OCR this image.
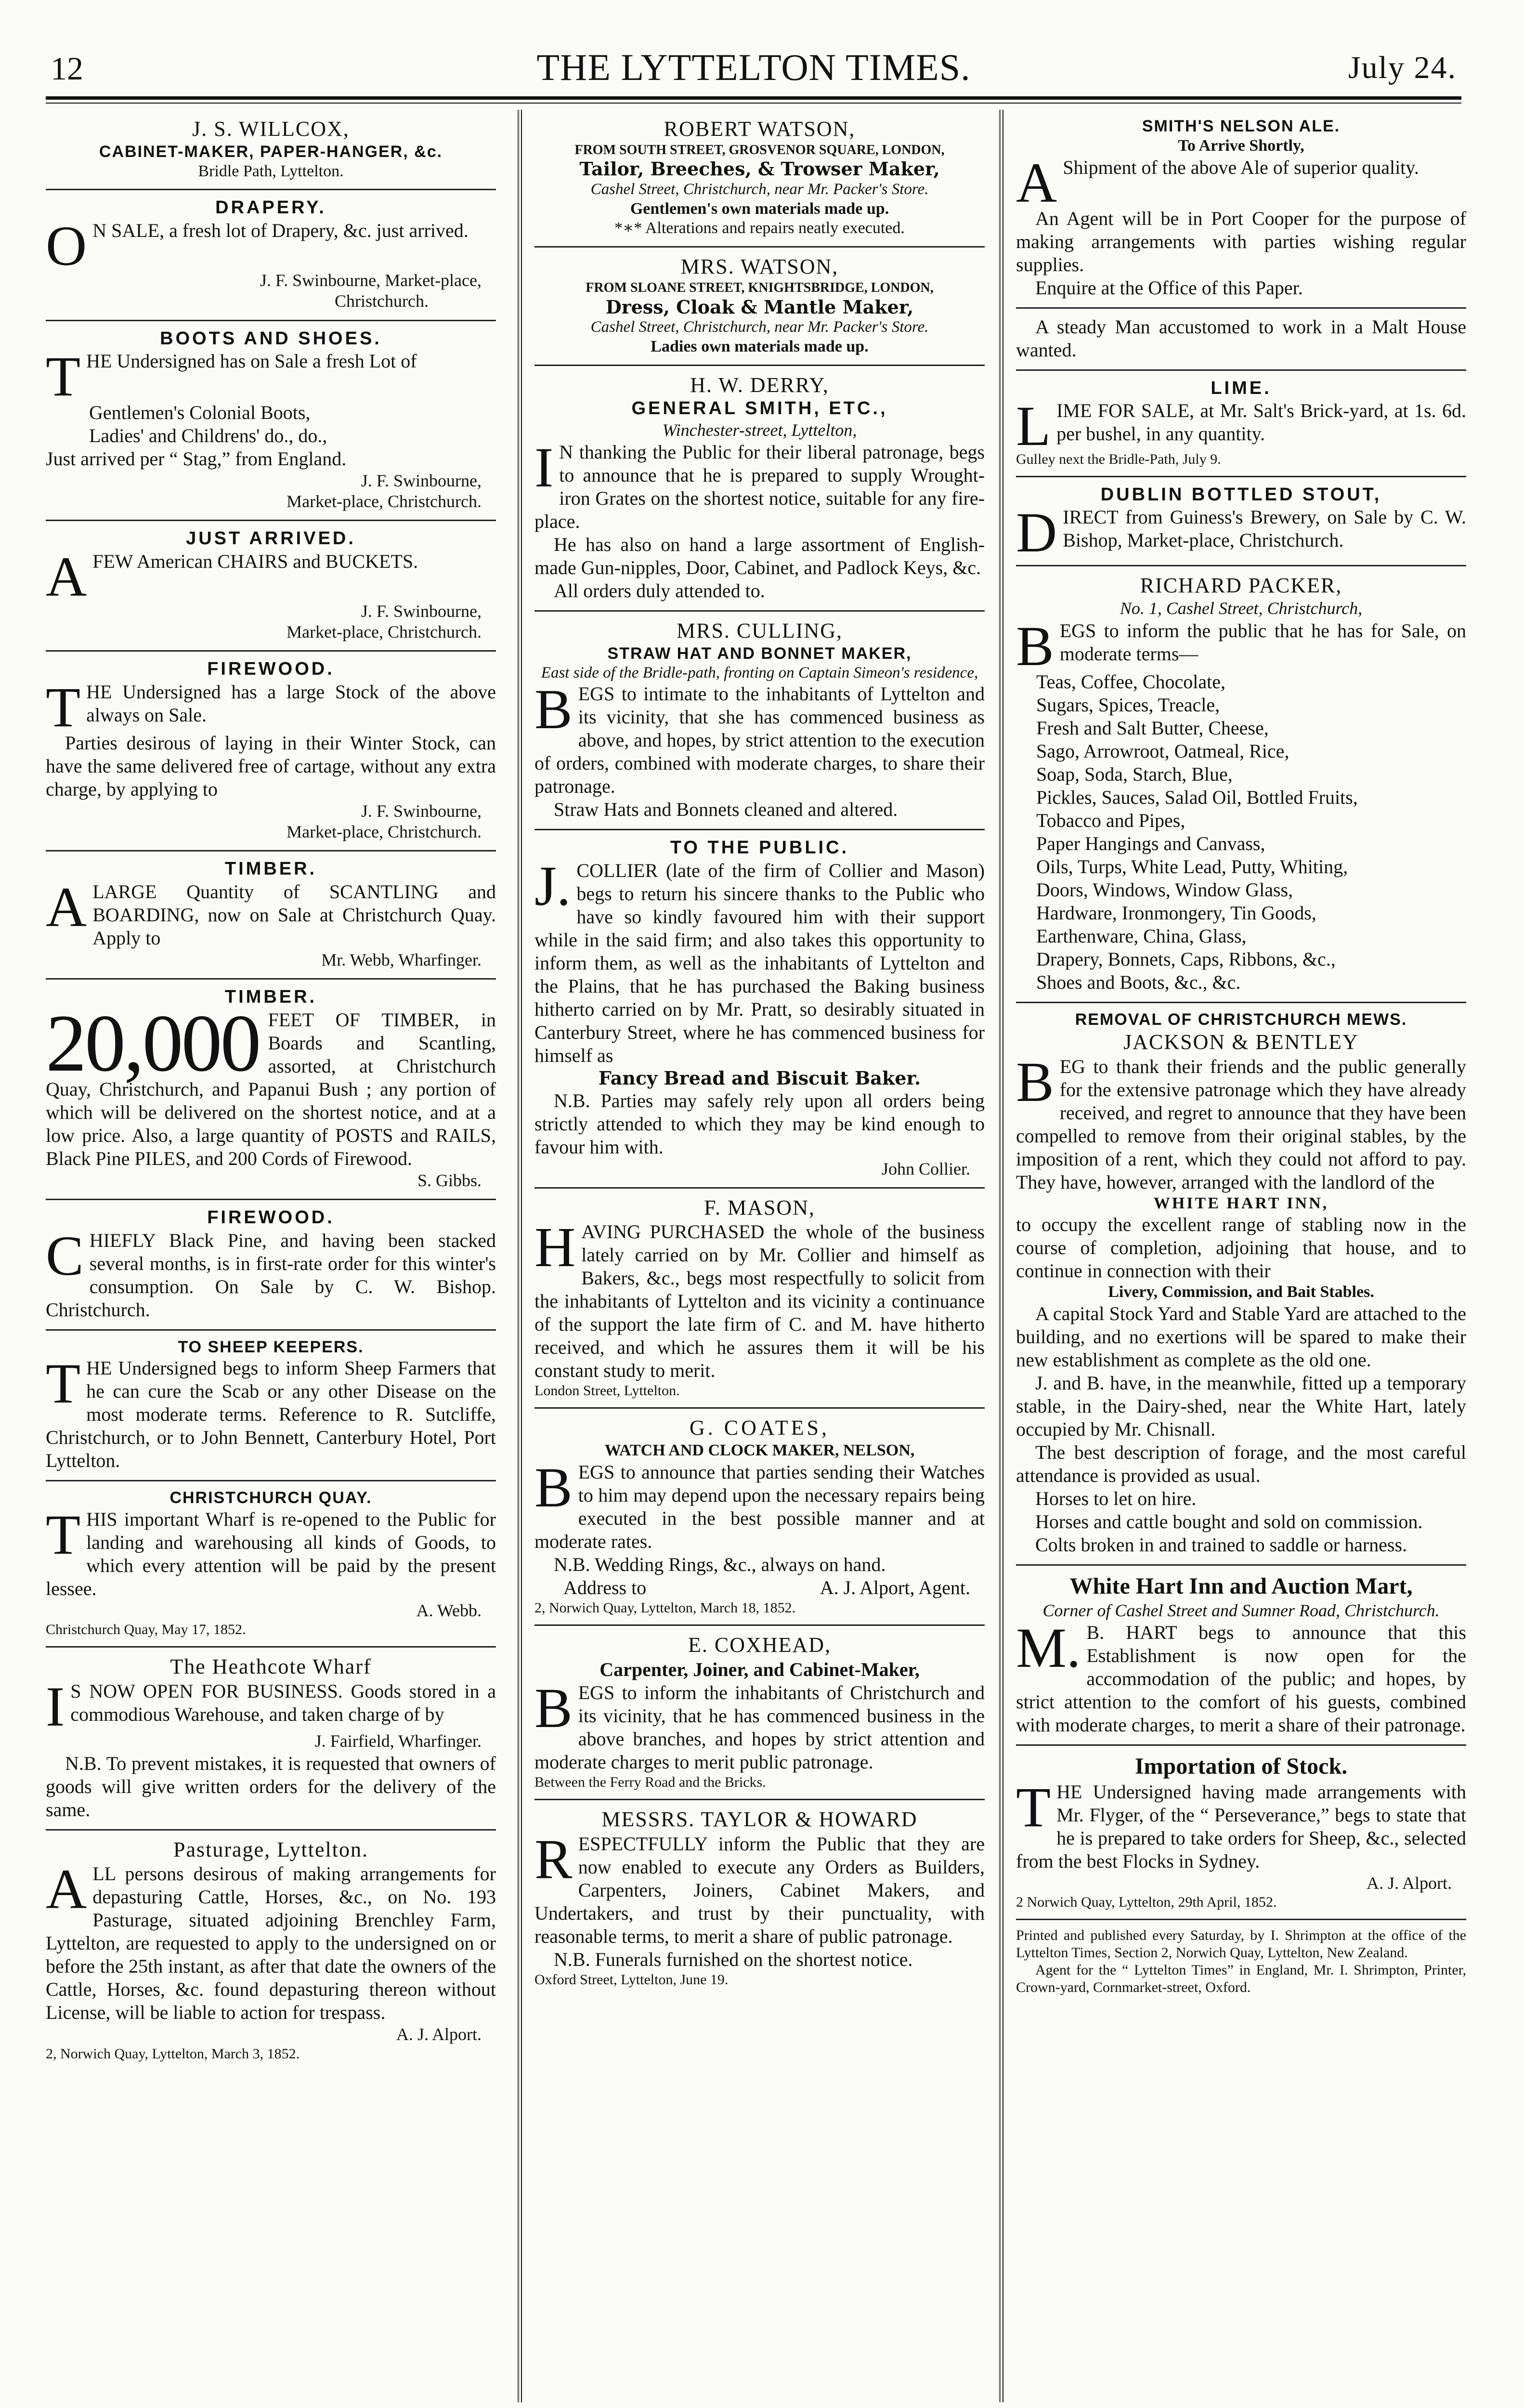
12	THE LYTTELTON TIMES.	July 24.
J. S. WILLCOX,
CABINET-MAKER, PAPER-HANGER, &c.
Bridle Path, Lyttelton.
DRAPERY.
O N SALE, a fresh lot of Drapery, &c. just arrived.

J. F. Swinbourne, Market-place,
Christchurch.
BOOTS AND SHOES.
T HE Undersigned has on Sale a fresh Lot of

Gentlemen's Colonial Boots,
Ladies' and Childrens' do., do.,
Just arrived per “ Stag,” from England.
J. F. Swinbourne,
Market-place, Christchurch.
JUST ARRIVED.
A FEW American CHAIRS and BUCKETS.

J. F. Swinbourne,
Market-place, Christchurch.
FIREWOOD.
T HE Undersigned has a large Stock of the above always on Sale.

Parties desirous of laying in their Winter Stock, can have the same delivered free of cartage, without any extra charge, by applying to

J. F. Swinbourne,
Market-place, Christchurch.
TIMBER.
A LARGE Quantity of SCANTLING and BOARDING, now on Sale at Christchurch Quay. Apply to

Mr. Webb, Wharfinger.
TIMBER.
20,000 FEET OF TIMBER, in Boards and Scantling, assorted, at Christchurch Quay, Christchurch, and Papanui Bush ; any portion of which will be delivered on the shortest notice, and at a low price. Also, a large quantity of POSTS and RAILS, Black Pine PILES, and 200 Cords of Firewood.

S. Gibbs.
FIREWOOD.
C HIEFLY Black Pine, and having been stacked several months, is in first-rate order for this winter's consumption. On Sale by C. W. Bishop. Christchurch.

TO SHEEP KEEPERS.
T HE Undersigned begs to inform Sheep Farmers that he can cure the Scab or any other Disease on the most moderate terms. Reference to R. Sutcliffe, Christchurch, or to John Bennett, Canterbury Hotel, Port Lyttelton.

CHRISTCHURCH QUAY.
T HIS important Wharf is re-opened to the Public for landing and warehousing all kinds of Goods, to which every attention will be paid by the present lessee.

A. Webb.
Christchurch Quay, May 17, 1852.
The Heathcote Wharf
I S NOW OPEN FOR BUSINESS. Goods stored in a commodious Warehouse, and taken charge of by

J. Fairfield, Wharfinger.

N.B. To prevent mistakes, it is requested that owners of goods will give written orders for the delivery of the same.

Pasturage, Lyttelton.
A LL persons desirous of making arrangements for depasturing Cattle, Horses, &c., on No. 193 Pasturage, situated adjoining Brenchley Farm, Lyttelton, are requested to apply to the undersigned on or before the 25th instant, as after that date the owners of the Cattle, Horses, &c. found depasturing thereon without License, will be liable to action for trespass.

A. J. Alport.
2, Norwich Quay, Lyttelton, March 3, 1852.
ROBERT WATSON,
FROM SOUTH STREET, GROSVENOR SQUARE, LONDON,
Tailor, Breeches, & Trowser Maker,
Cashel Street, Christchurch, near Mr. Packer's Store.
Gentlemen's own materials made up.
*∗* Alterations and repairs neatly executed.
MRS. WATSON,
FROM SLOANE STREET, KNIGHTSBRIDGE, LONDON,
Dress, Cloak & Mantle Maker,
Cashel Street, Christchurch, near Mr. Packer's Store.
Ladies own materials made up.
H. W. DERRY,
GENERAL SMITH, ETC.,
Winchester-street, Lyttelton,
I N thanking the Public for their liberal patronage, begs to announce that he is prepared to supply Wrought-iron Grates on the shortest notice, suitable for any fire-place.

He has also on hand a large assortment of English-made Gun-nipples, Door, Cabinet, and Padlock Keys, &c.

All orders duly attended to.

MRS. CULLING,
STRAW HAT AND BONNET MAKER,
East side of the Bridle-path, fronting on Captain Simeon's residence,
B EGS to intimate to the inhabitants of Lyttelton and its vicinity, that she has commenced business as above, and hopes, by strict attention to the execution of orders, combined with moderate charges, to share their patronage.

Straw Hats and Bonnets cleaned and altered.

TO THE PUBLIC.
J. COLLIER (late of the firm of Collier and Mason) begs to return his sincere thanks to the Public who have so kindly favoured him with their support while in the said firm; and also takes this opportunity to inform them, as well as the inhabitants of Lyttelton and the Plains, that he has purchased the Baking business hitherto carried on by Mr. Pratt, so desirably situated in Canterbury Street, where he has commenced business for himself as

Fancy Bread and Biscuit Baker.

N.B. Parties may safely rely upon all orders being strictly attended to which they may be kind enough to favour him with.

John Collier.
F. MASON,
H AVING PURCHASED the whole of the business lately carried on by Mr. Collier and himself as Bakers, &c., begs most respectfully to solicit from the inhabitants of Lyttelton and its vicinity a continuance of the support the late firm of C. and M. have hitherto received, and which he assures them it will be his constant study to merit.

London Street, Lyttelton.
G. COATES,
WATCH AND CLOCK MAKER, NELSON,
B EGS to announce that parties sending their Watches to him may depend upon the necessary repairs being executed in the best possible manner and at moderate rates.

N.B. Wedding Rings, &c., always on hand.

Address to	A. J. Alport, Agent.
2, Norwich Quay, Lyttelton, March 18, 1852.
E. COXHEAD,
Carpenter, Joiner, and Cabinet-Maker,
B EGS to inform the inhabitants of Christchurch and its vicinity, that he has commenced business in the above branches, and hopes by strict attention and moderate charges to merit public patronage.

Between the Ferry Road and the Bricks.
MESSRS. TAYLOR & HOWARD
R ESPECTFULLY inform the Public that they are now enabled to execute any Orders as Builders, Carpenters, Joiners, Cabinet Makers, and Undertakers, and trust by their punctuality, with reasonable terms, to merit a share of public patronage.

N.B. Funerals furnished on the shortest notice.

Oxford Street, Lyttelton, June 19.
SMITH'S NELSON ALE.
To Arrive Shortly,
A Shipment of the above Ale of superior quality.

An Agent will be in Port Cooper for the purpose of making arrangements with parties wishing regular supplies.

Enquire at the Office of this Paper.

A steady Man accustomed to work in a Malt House wanted.

LIME.
L IME FOR SALE, at Mr. Salt's Brick-yard, at 1s. 6d. per bushel, in any quantity.

Gulley next the Bridle-Path, July 9.
DUBLIN BOTTLED STOUT,
D IRECT from Guiness's Brewery, on Sale by C. W. Bishop, Market-place, Christchurch.

RICHARD PACKER,
No. 1, Cashel Street, Christchurch,
B EGS to inform the public that he has for Sale, on moderate terms—

Teas, Coffee, Chocolate,
Sugars, Spices, Treacle,
Fresh and Salt Butter, Cheese,
Sago, Arrowroot, Oatmeal, Rice,
Soap, Soda, Starch, Blue,
Pickles, Sauces, Salad Oil, Bottled Fruits,
Tobacco and Pipes,
Paper Hangings and Canvass,
Oils, Turps, White Lead, Putty, Whiting,
Doors, Windows, Window Glass,
Hardware, Ironmongery, Tin Goods,
Earthenware, China, Glass,
Drapery, Bonnets, Caps, Ribbons, &c.,
Shoes and Boots, &c., &c.
REMOVAL OF CHRISTCHURCH MEWS.
JACKSON & BENTLEY
B EG to thank their friends and the public generally for the extensive patronage which they have already received, and regret to announce that they have been compelled to remove from their original stables, by the imposition of a rent, which they could not afford to pay. They have, however, arranged with the landlord of the

WHITE HART INN,

to occupy the excellent range of stabling now in the course of completion, adjoining that house, and to continue in connection with their

Livery, Commission, and Bait Stables.

A capital Stock Yard and Stable Yard are attached to the building, and no exertions will be spared to make their new establishment as complete as the old one.

J. and B. have, in the meanwhile, fitted up a temporary stable, in the Dairy-shed, near the White Hart, lately occupied by Mr. Chisnall.

The best description of forage, and the most careful attendance is provided as usual.

Horses to let on hire.

Horses and cattle bought and sold on commission.

Colts broken in and trained to saddle or harness.

White Hart Inn and Auction Mart,
Corner of Cashel Street and Sumner Road, Christchurch.
M. B. HART begs to announce that this Establishment is now open for the accommodation of the public; and hopes, by strict attention to the comfort of his guests, combined with moderate charges, to merit a share of their patronage.

Importation of Stock.
T HE Undersigned having made arrangements with Mr. Flyger, of the “ Perseverance,” begs to state that he is prepared to take orders for Sheep, &c., selected from the best Flocks in Sydney.

A. J. Alport.
2 Norwich Quay, Lyttelton, 29th April, 1852.

Printed and published every Saturday, by I. Shrimpton at the office of the Lyttelton Times, Section 2, Norwich Quay, Lyttelton, New Zealand.

Agent for the “ Lyttelton Times” in England, Mr. I. Shrimpton, Printer, Crown-yard, Cornmarket-street, Oxford.
